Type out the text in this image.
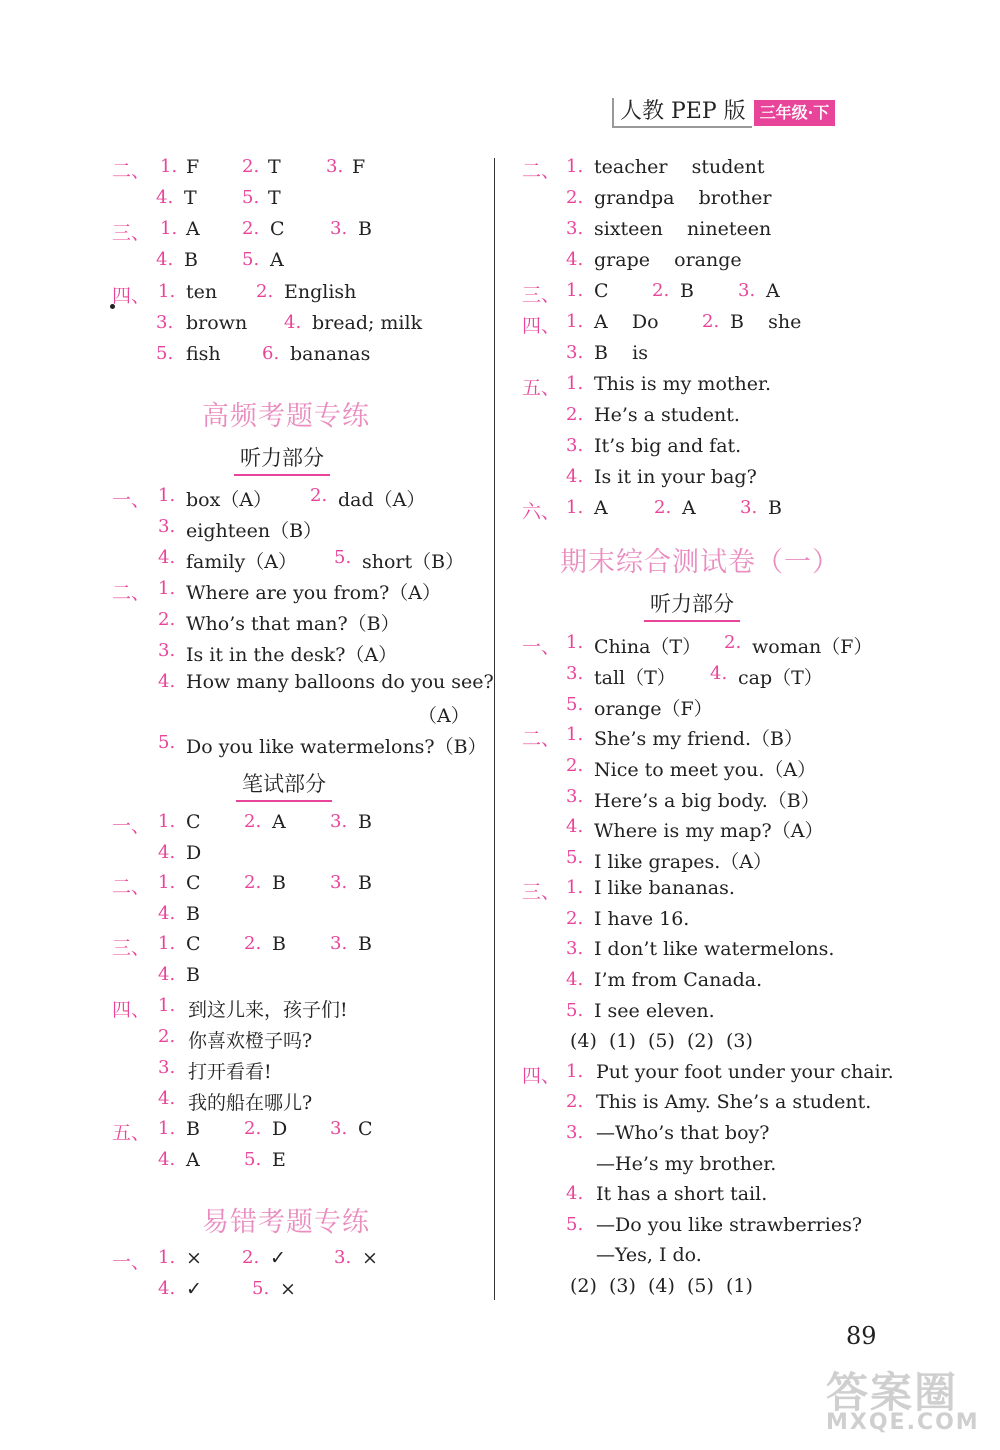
人教 PEP 版 三年级·下
二、 1. F 2. T	3. F
4. T	5. T
三、 1. A 2. C	3. B
4. B 5. A
四、 1. ten 2. English
3. brown 4. bread; milk
5. fish 6. bananas
高频考题专练
听力部分
一、 1. box（A） 2. dad（A）
3. eighteen（B）
4. family（A） 5. short（B）
二、 1. Where are you from?（A）
2. Who’s that man?（B）
3. Is it in the desk?（A）
4. How many balloons do you see?
（A）
5. Do you like watermelons?（B）
笔试部分
一、 1. C 2. A 3. B
4. D
二、 1. C 2. B 3. B
4. B
三、 1. C 2. B 3. B
4. B
四、 1. 到这儿来，孩子们!
2. 你喜欢橙子吗?
3. 打开看看!
4. 我的船在哪儿?
五、 1. B 2. D 3. C
4. A 5. E
易错考题专练
一、 1. × 2. ✓	3. ×
4. ✓	5. ×
二、 1. teacher    student
2. grandpa    brother
3. sixteen    nineteen
4. grape    orange
三、 1. C 2. B 3. A
四、 1. A    Do 2. B    she
3. B    is
五、 1. This is my mother.
2. He’s a student.
3. It’s big and fat.
4. Is it in your bag?
六、 1. A	2. A 3. B
期末综合测试卷（一）
听力部分
一、 1. China（T） 2. woman（F）
3. tall（T） 4. cap（T）
5. orange（F）
二、 1. She’s my friend.（B）
2. Nice to meet you.（A）
3. Here’s a big body.（B）
4. Where is my map?（A）
5. I like grapes.（A）
三、 1. I like bananas.
2. I have 16.
3. I don’t like watermelons.
4. I’m from Canada.
5. I see eleven.
(4)  (1)  (5)  (2)  (3)
四、 1. Put your foot under your chair.
2. This is Amy. She’s a student.
3. —Who’s that boy?
—He’s my brother.
4. It has a short tail.
5. —Do you like strawberries?
—Yes, I do.
(2)  (3)  (4)  (5)  (1)
89
答案圈
MXQE.COM
